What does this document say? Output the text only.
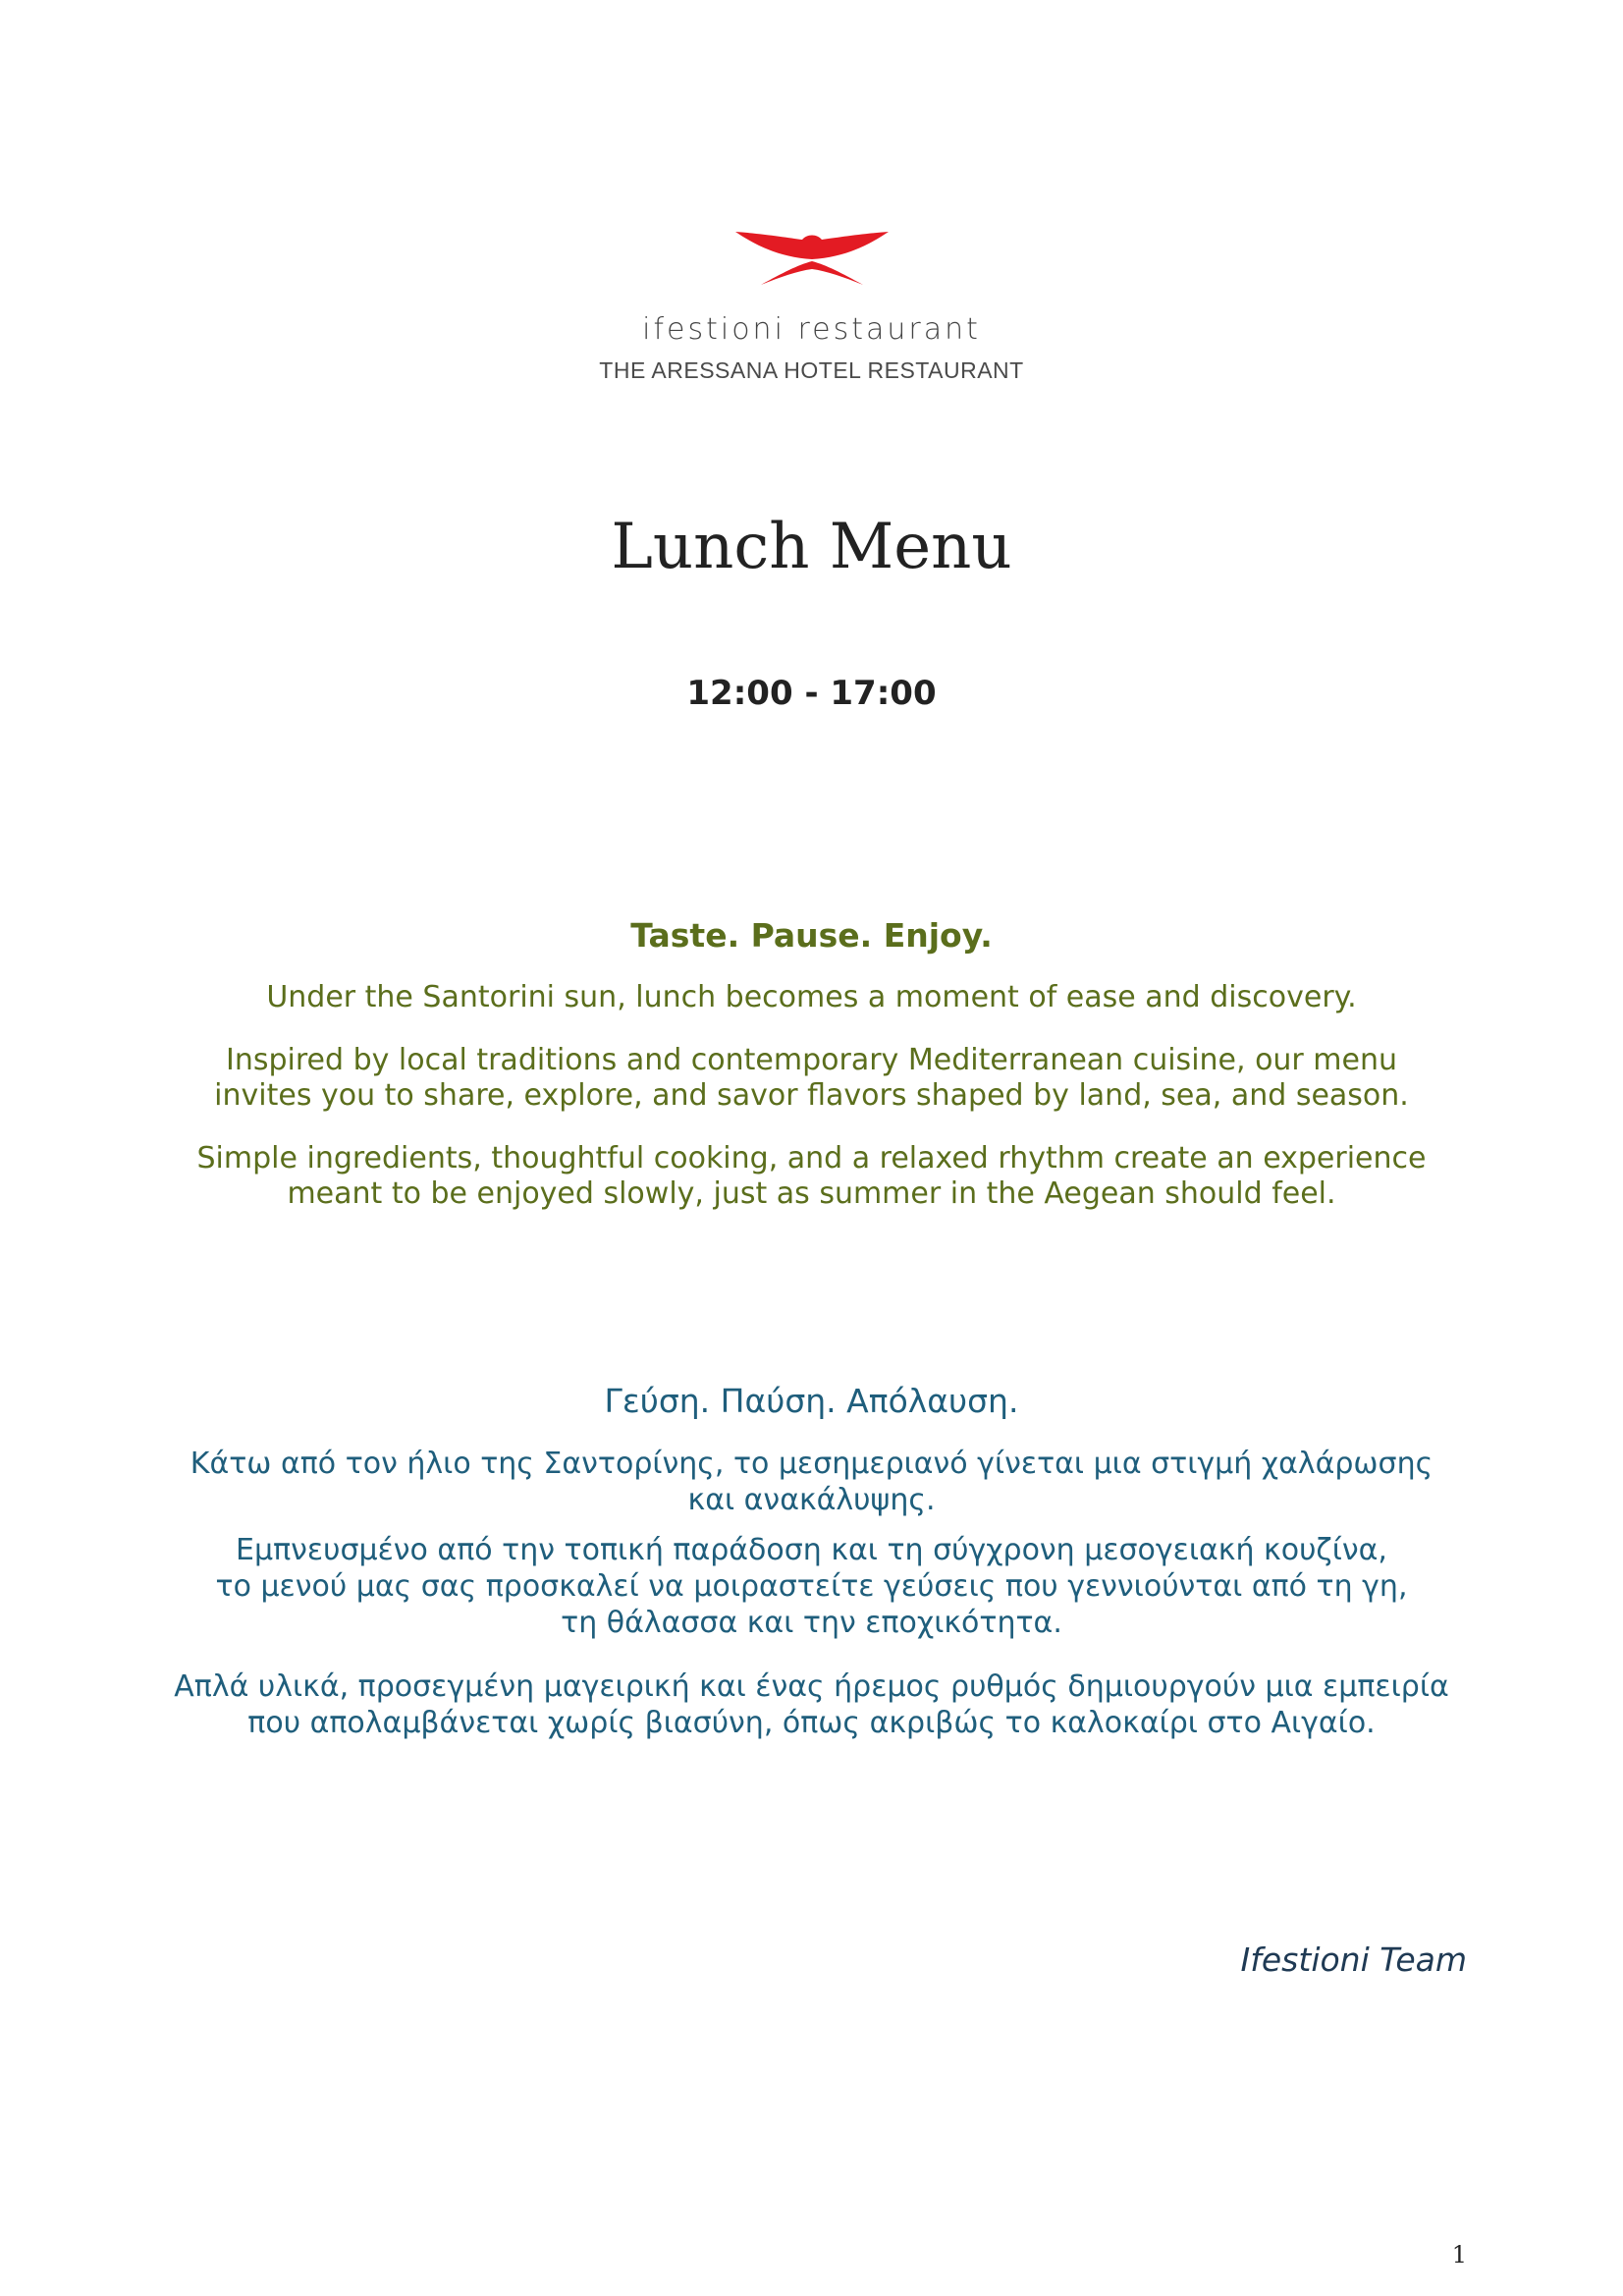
ifestioni restaurant
THE ARESSANA HOTEL RESTAURANT
Lunch Menu
12:00 - 17:00
Taste. Pause. Enjoy.

Under the Santorini sun, lunch becomes a moment of ease and discovery.

Inspired by local traditions and contemporary Mediterranean cuisine, our menu
invites you to share, explore, and savor flavors shaped by land, sea, and season.

Simple ingredients, thoughtful cooking, and a relaxed rhythm create an experience
meant to be enjoyed slowly, just as summer in the Aegean should feel.

Γεύση. Παύση. Απόλαυση.

Κάτω από τον ήλιο της Σαντορίνης, το μεσημεριανό γίνεται μια στιγμή χαλάρωσης
και ανακάλυψης.

Εμπνευσμένο από την τοπική παράδοση και τη σύγχρονη μεσογειακή κουζίνα,
το μενού μας σας προσκαλεί να μοιραστείτε γεύσεις που γεννιούνται από τη γη,
τη θάλασσα και την εποχικότητα.

Απλά υλικά, προσεγμένη μαγειρική και ένας ήρεμος ρυθμός δημιουργούν μια εμπειρία
που απολαμβάνεται χωρίς βιασύνη, όπως ακριβώς το καλοκαίρι στο Αιγαίο.

Ifestioni Team
1
